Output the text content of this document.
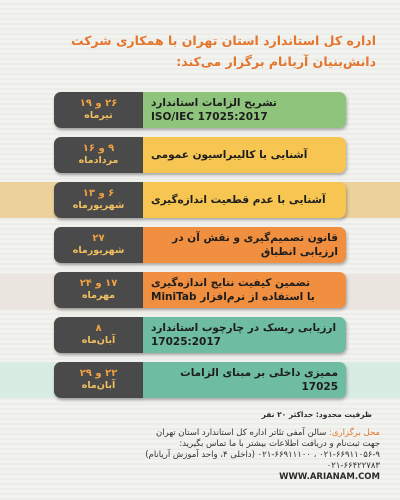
اداره کل استاندارد استان تهران با همکاری شرکت دانش‌بنیان آریانام برگزار می‌کند:
۲۶ و ۱۹
تیرماه
تشریح الزامات استاندارد
ISO/IEC 17025:2017
۹ و ۱۶
مردادماه	آشنایی با کالیبراسیون عمومی
۶ و ۱۳
شهریورماه	آشنایی با عدم قطعیت اندازه‌گیری
۲۷
شهریورماه
قانون تصمیم‌گیری و نقش آن در ارزیابی انطباق
۱۷ و ۲۴
مهرماه
تضمین کیفیت نتایج اندازه‌گیری
با استفاده از نرم‌افزار MiniTab
۸
آبان‌ماه
ارزیابی ریسک در چارچوب استاندارد
17025:2017
۲۲ و ۲۹
آبان‌ماه
ممیزی داخلی بر مبنای الزامات 17025
ظرفیت محدود: حداکثر ۲۰ نفر
محل برگزاری: سالن آمفی تئاتر اداره کل استاندارد استان تهران
جهت ثبت‌نام و دریافت اطلاعات بیشتر با ما تماس بگیرید:
۰۲۱-۶۶۹۱۱۰۵۶-۹ ، ۰۲۱-۶۶۹۱۱۱۰۰ (داخلی ۴، واحد آموزش آریانام)
۰۲۱-۶۶۴۲۲۷۸۳
WWW.ARIANAM.COM
